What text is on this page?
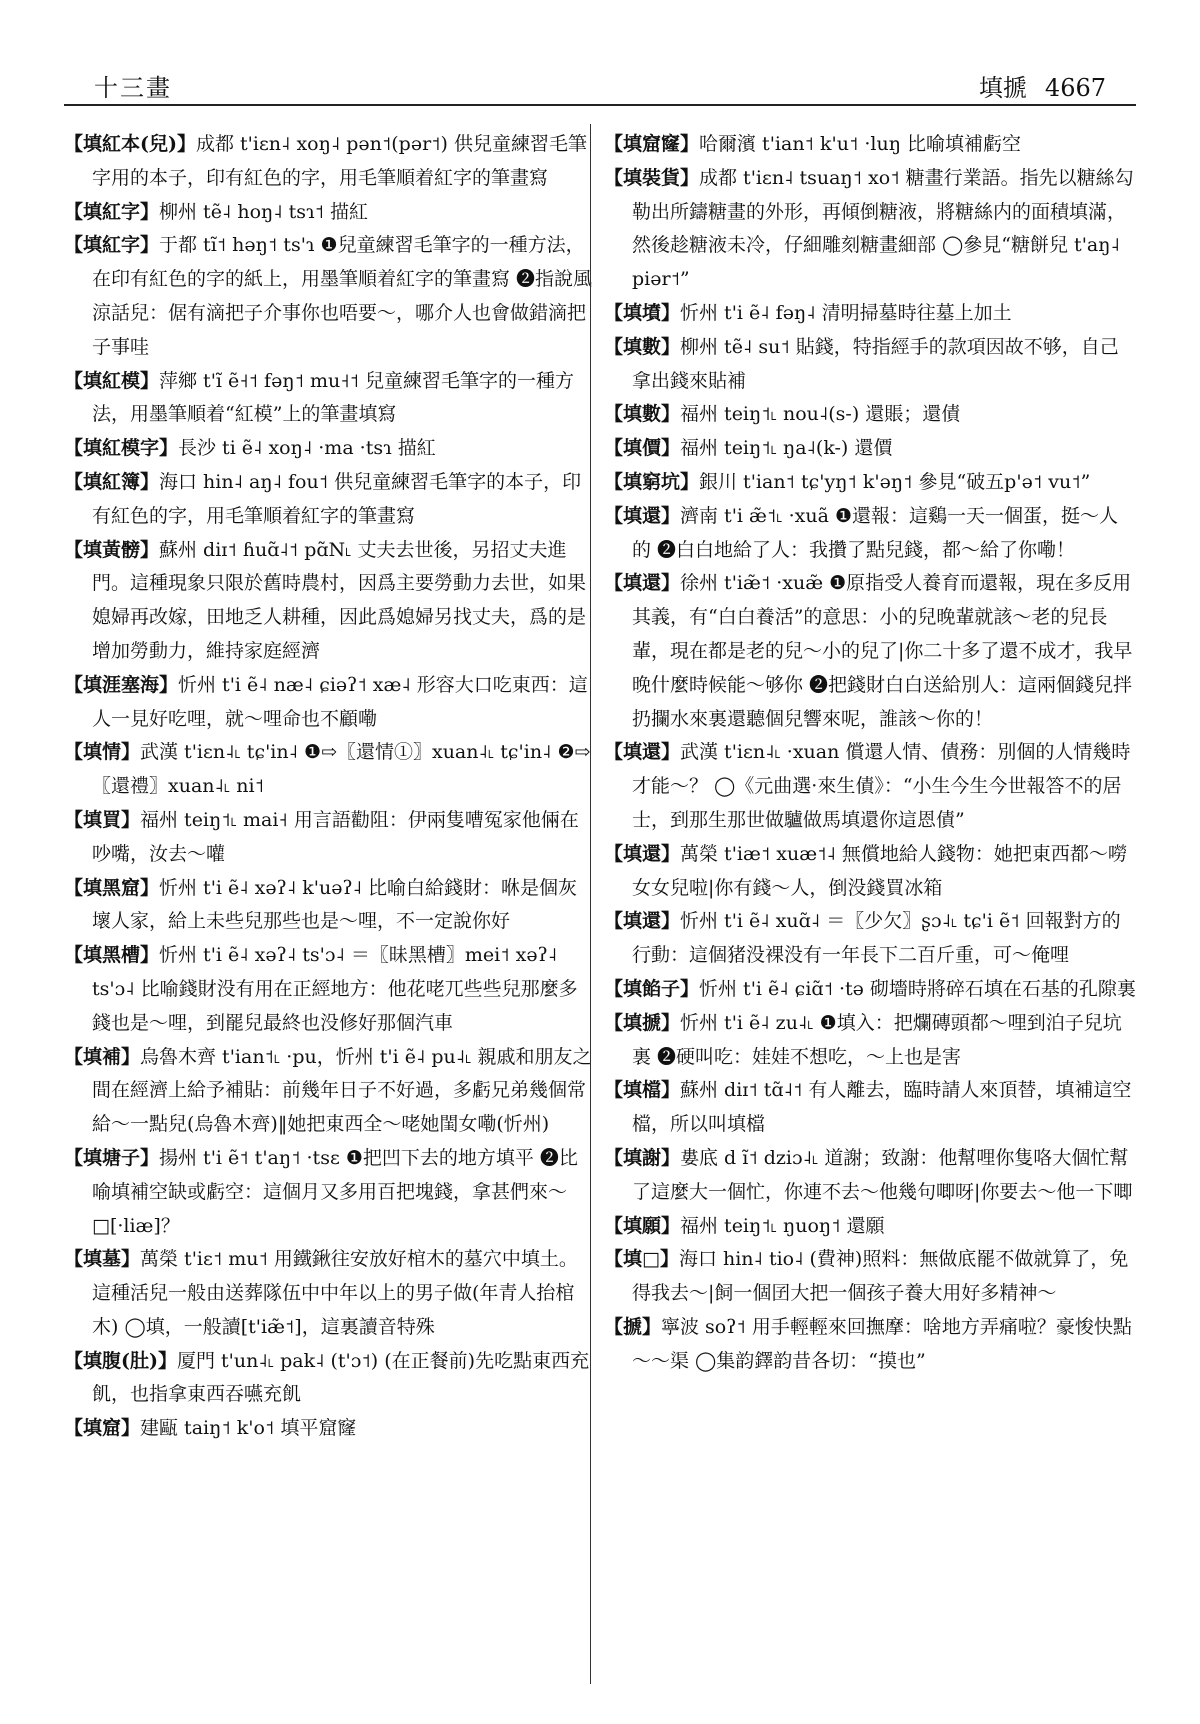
十三畫	填搋 4667

【填紅本(兒)】成都 t'iɛn˨ xoŋ˨ pən˦(pər˦) 供兒童練習毛筆字用的本子，印有紅色的字，用毛筆順着紅字的筆畫寫

【填紅字】柳州 tẽ˨ hoŋ˨ tsɿ˦ 描紅

【填紅字】于都 tĩ˦ həŋ˦ ts'ɿ ❶兒童練習毛筆字的一種方法，在印有紅色的字的紙上，用墨筆順着紅字的筆畫寫 ❷指說風涼話兒：倨有滴把子介事你也唔要～，哪介人也會做錯滴把子事哇

【填紅模】萍鄉 t'ĩ ẽ˧˦ fəŋ˦ mu˧˦ 兒童練習毛筆字的一種方法，用墨筆順着“紅模”上的筆畫填寫

【填紅模字】長沙 ti ẽ˨ xoŋ˨ ·ma ·tsɿ 描紅

【填紅簿】海口 hin˨ aŋ˨ fou˦ 供兒童練習毛筆字的本子，印有紅色的字，用毛筆順着紅字的筆畫寫

【填黃髈】蘇州 diɪ˦ ɦuɑ̃˨˦ pɑ̃N˪ 丈夫去世後，另招丈夫進門。這種現象只限於舊時農村，因爲主要勞動力去世，如果媳婦再改嫁，田地乏人耕種，因此爲媳婦另找丈夫，爲的是增加勞動力，維持家庭經濟

【填涯塞海】忻州 t'i ẽ˨ næ˨ ɕiəʔ˦ xæ˨ 形容大口吃東西：這人一見好吃哩，就～哩命也不顧嘞

【填情】武漢 t'iɛn˨˪ tɕ'in˨ ❶⇨〖還情①〗xuan˨˪ tɕ'in˨ ❷⇨〖還禮〗xuan˨˪ ni˦

【填買】福州 teiŋ˦˪ mai˧ 用言語勸阻：伊兩隻嘈冤家他倆在吵嘴，汝去～嚾

【填黑窟】忻州 t'i ẽ˨ xəʔ˨ k'uəʔ˨ 比喻白給錢財：咻是個灰壞人家，給上未些兒那些也是～哩，不一定說你好

【填黑槽】忻州 t'i ẽ˨ xəʔ˨ ts'ɔ˨ ＝〖昧黑槽〗mei˦ xəʔ˨ ts'ɔ˨ 比喻錢財没有用在正經地方：他花咾兀些些兒那麼多錢也是～哩，到罷兒最終也没修好那個汽車

【填補】烏魯木齊 t'ian˦˪ ·pu，忻州 t'i ẽ˨ pu˨˪ 親戚和朋友之間在經濟上給予補貼：前幾年日子不好過，多虧兄弟幾個常給～一點兒(烏魯木齊)‖她把東西全～咾她閨女嘞(忻州)

【填塘子】揚州 t'i ẽ˦ t'aŋ˦ ·tsɛ ❶把凹下去的地方填平 ❷比喻填補空缺或虧空：這個月又多用百把塊錢，拿甚們來～□[·liæ]？

【填墓】萬榮 t'iɛ˦ mu˦ 用鐵鍬往安放好棺木的墓穴中填土。這種活兒一般由送葬隊伍中中年以上的男子做(年青人抬棺木) ◯填，一般讀[t'iæ̃˦]，這裏讀音特殊

【填腹(肚)】厦門 t'un˨˪ pak˨ (t'ɔ˦) (在正餐前)先吃點東西充飢，也指拿東西吞嚥充飢

【填窟】建甌 taiŋ˦ k'o˦ 填平窟窿

【填窟窿】哈爾濱 t'ian˦ k'u˦ ·luŋ 比喻填補虧空

【填裝貨】成都 t'iɛn˨ tsuaŋ˦ xo˦ 糖畫行業語。指先以糖絲勾勒出所鑄糖畫的外形，再傾倒糖液，將糖絲内的面積填滿，然後趁糖液未冷，仔細雕刻糖畫細部 ◯參見“糖餅兒 t'aŋ˨ piər˦”

【填墳】忻州 t'i ẽ˨ fəŋ˨ 清明掃墓時往墓上加土

【填數】柳州 tẽ˨ su˦ 貼錢，特指經手的款項因故不够，自己拿出錢來貼補

【填數】福州 teiŋ˦˪ nou˨(s-) 還賬；還債

【填價】福州 teiŋ˦˪ ŋa˨(k-) 還價

【填窮坑】銀川 t'ian˦ tɕ'yŋ˦ k'əŋ˦ 參見“破五p'ə˦ vu˦”

【填還】濟南 t'i æ̃˦˪ ·xuã ❶還報：這鷄一天一個蛋，挺～人的 ❷白白地給了人：我攢了點兒錢，都～給了你嘞！

【填還】徐州 t'iæ̃˦ ·xuæ̃ ❶原指受人養育而還報，現在多反用其義，有“白白養活”的意思：小的兒晚輩就該～老的兒長輩，現在都是老的兒～小的兒了|你二十多了還不成才，我早晚什麼時候能～够你 ❷把錢財白白送給別人：這兩個錢兒拌扔攔水來裏還聽個兒響來呢，誰該～你的！

【填還】武漢 t'iɛn˨˪ ·xuan 償還人情、債務：別個的人情幾時才能～？ ◯《元曲選·來生債》：“小生今生今世報答不的居士，到那生那世做驢做馬填還你這恩債”

【填還】萬榮 t'iæ˦ xuæ˦˨ 無償地給人錢物：她把東西都～嘮女女兒啦|你有錢～人，倒没錢買冰箱

【填還】忻州 t'i ẽ˨ xuɑ̃˨ ＝〖少欠〗ʂɔ˨˪ tɕ'i ẽ˦ 回報對方的行動：這個猪没裸没有一年長下二百斤重，可～俺哩

【填餡子】忻州 t'i ẽ˨ ɕiɑ̃˦ ·tə 砌墻時將碎石填在石基的孔隙裏

【填搋】忻州 t'i ẽ˨ zu˨˪ ❶填入：把爛磚頭都～哩到泊子兒坑裏 ❷硬叫吃：娃娃不想吃，～上也是害

【填檔】蘇州 diɪ˦ tɑ̃˨˦ 有人離去，臨時請人來頂替，填補這空檔，所以叫填檔

【填謝】婁底 d ĩ˦ dziɔ˨˪ 道謝；致謝：他幫哩你隻咯大個忙幫了這麼大一個忙，你連不去～他幾句唧呀|你要去～他一下唧

【填願】福州 teiŋ˦˪ ŋuoŋ˦ 還願

【填□】海口 hin˨ tio˨ (費神)照料：無做底罷不做就算了，免得我去～|飼一個囝大把一個孩子養大用好多精神～

【搋】寧波 soʔ˦ 用手輕輕來回撫摩：啥地方弄痛啦？豪悛快點～～渠 ◯集韵鐸韵昔各切：“摸也”
